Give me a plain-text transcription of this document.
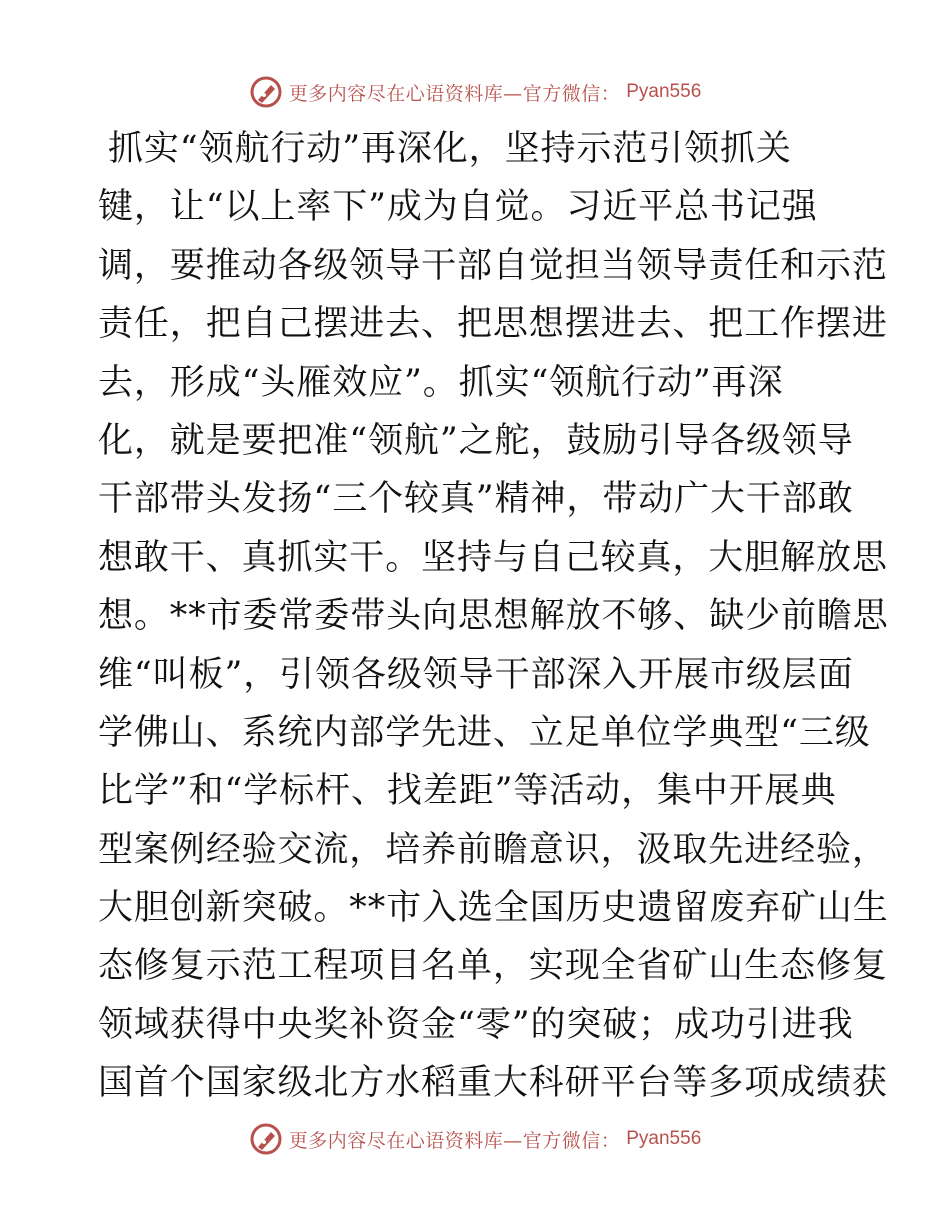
更多内容尽在心语资料库—官方微信： Pyan556
抓实“领航行动”再深化，坚持示范引领抓关
键，让“以上率下”成为自觉。习近平总书记强
调，要推动各级领导干部自觉担当领导责任和示范
责任，把自己摆进去、把思想摆进去、把工作摆进
去，形成“头雁效应”。抓实“领航行动”再深
化，就是要把准“领航”之舵，鼓励引导各级领导
干部带头发扬“三个较真”精神，带动广大干部敢
想敢干、真抓实干。坚持与自己较真，大胆解放思
想。**市委常委带头向思想解放不够、缺少前瞻思
维“叫板”，引领各级领导干部深入开展市级层面
学佛山、系统内部学先进、立足单位学典型“三级
比学”和“学标杆、找差距”等活动，集中开展典
型案例经验交流，培养前瞻意识，汲取先进经验，
大胆创新突破。**市入选全国历史遗留废弃矿山生
态修复示范工程项目名单，实现全省矿山生态修复
领域获得中央奖补资金“零”的突破；成功引进我
国首个国家级北方水稻重大科研平台等多项成绩获
更多内容尽在心语资料库—官方微信： Pyan556
